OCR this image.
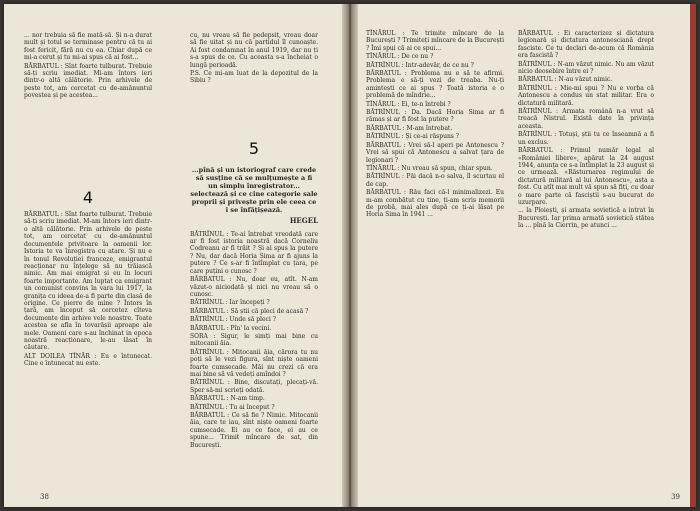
... nor trebuia să fie mată-să. Și n-a durat mult și totul se terminase pentru că tu ai fost fericit, fără nu cu ea. Chiar după ce mi-a cerut și tu mi-ai spus că ai fost...

BĂRBATUL : Sînt foarte tulburat. Trebuie să-ți scriu imediat. Mi-am întors ieri dintr-o altă călătorie. Prin arhivele de peste tot, am cercetat cu de-amănuntul povestea și pe acestea...

4

BĂRBATUL : Sînt foarte tulburat. Trebuie să-ți scriu imediat. M-am întors ieri dintr-o altă călătorie. Prin arhivele de peste tot, am cercetat cu de-amănuntul documentele privitoare la oamenii lor. Istoria te va înregistra cu atare. Și nu e în tonul Revoluției franceze, emigrantul reacționar nu înțelege să nu trăiască nimic. Am mai emigrat și eu în locuri foarte importante. Am luptat ca emigrant un comunist convins în vara lui 1917, la granița cu ideea de-a fi parte din clasă de origine. Ce pierre de mine ? Întors în țară, am început să cercetez cîteva documente din arhive vele noastre. Toate acestea se afla în tovarășii aproape ale mele. Oameni care s-au închinat in epoca noastră reacționare, le-au lăsat în căutare.

ALT DOILEA TÎNĂR : Eu e întunecat. Cine e întunecat nu este.

cu, nu vreau să fie pedepsit, vreau doar să fie uitat și nu că partidul îl cunoaște. Ai fost condamnat în anul 1919, dar nu ți s-a spus de ce. Cu aceasta s-a încheiat o lungă perioadă.

P.S. Ce mi-am luat de la depozitul de la Sibiu ?

5
...pînă și un istoriograf care crede să susține că se mulțumește a fi un simplu înregistrator... selectează și ce cine categorie sale proprii și privește prin ele ceea ce i se înfățișează.
HEGEL

BĂTRÎNUL : Te-ai întrebat vreodată care ar fi fost istoria noastră dacă Corneliu Codreanu ar fi trăit ? Și ai spus la putere ? Nu, dar dacă Horia Sima ar fi ajuns la putere ? Ce s-ar fi întîmplat cu țara, pe care puțini o cunosc ?

BĂRBATUL : Nu, doar eu, atît. N-am văzut-o niciodată și nici nu vreau să o cunosc.

BĂTRÎNUL : Iar începeți ?

BĂRBATUL : Să știi că pleci de acasă ?

BĂTRÎNUL : Unde să pleci ?

BĂRBATUL : Pîn' la vecini.

SORA : Sigur, le simți mai bine cu mitocanii ăia.

BĂTRÎNUL : Mitocanii ăia, cărora tu nu poți să le vezi figura, sînt niște oameni foarte cumsecade. Măi nu crezi că era mai bine să vă vedeți amîndoi ?

BĂTRÎNUL : Bine, discutați, plecați-vă. Sper să-mi scrieți odată.

BĂRBATUL : N-am timp.

BĂTRÎNUL : Tu ai început ?

BĂRBATUL : Ce să fie ? Nimic. Mitocanii ăia, care te iau, sînt niște oameni foarte cumsecade. Ei au ce face, ei au ce spune... Trimit mîncare de sat, din București.

38

TÎNĂRUL : Te trimite mîncare de la București ? Trimiteți mîncare de la București ? Îmi spui că ai ce spui...

TÎNĂRUL : De ce nu ?

BĂTRÎNUL : Intr-adevăr, de ce nu ?

BĂRBATUL : Problema nu e să te afirmi. Problema e să-ți vezi de treaba. Nu-ți amintești ce ai spus ? Toată istoria e o problemă de mîndrie...

TÎNĂRUL : Ei, te-n întrebi ?

BĂTRÎNUL : Da. Dacă Horia Sima ar fi rămas și ar fi fost la putere ?

BĂRBATUL : M-am întrebat.

BĂTRÎNUL : Și ce-ai răspuns ?

BĂRBATUL : Vrei să-l aperi pe Antonescu ? Vrei să spui că Antonescu a salvat țara de legionari ?

TÎNĂRUL : Nu vreau să spun, chiar spun.

BĂTRÎNUL : Păi dacă n-o salva, îl scurtau el de cap.

BĂRBATUL : Rău faci că-l minimalizezi. Eu m-am combătut cu tine, ți-am scris memorii de probă, mai ales după ce ți-ai lăsat pe Horia Sima în 1941 ...

BĂRBATUL : Ei caracterizez și dictatura legionară și dictatura antonesciană drept fasciste. Ce tu declari de-acum că România era fascistă ?

BĂTRÎNUL : N-am văzut nimic. Nu am văzut nicio deosebire între ei ?

BĂRBATUL : N-au văzut nimic.

BĂTRÎNUL : Mie-mi spui ? Nu e vorba că Antonescu a condus un stat militar. Era o dictatură militară.

BĂTRÎNUL : Armata română n-a vrut să treacă Nistrul. Există date în privința aceasta.

BĂTRÎNUL : Totuși, știi tu ce înseamnă a fi un exclus.

BĂRBATUL : Primul număr legal al «României libere», apărut la 24 august 1944, anunța ce s-a întîmplat la 23 august și ce urmează. «Răsturnarea regimului de dictatură militară al lui Antonescu», asta a fost. Cu atît mai mult vă spun să fiți, cu doar o mare parte că fasciștii s-au bucurat de uzurpare.

... la Ploiești, și armata sovietică a intrat în București. Iar prima armată sovietică stătea la ... pînă la Cierrin, pe atunci ...

39
